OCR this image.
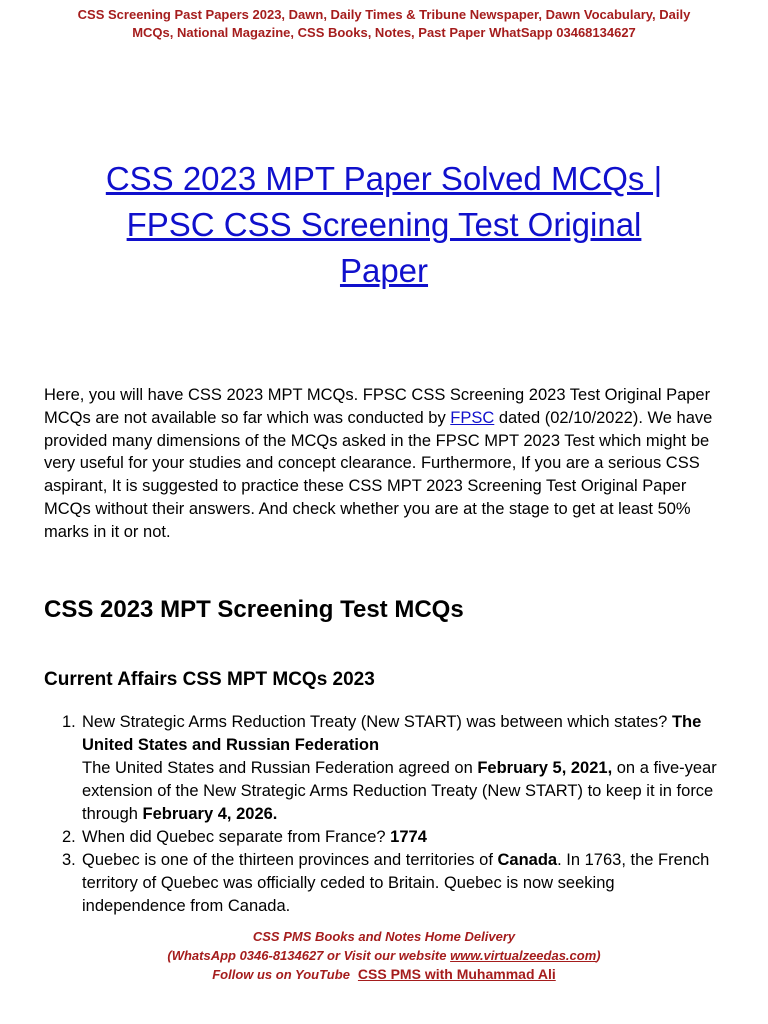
CSS Screening Past Papers 2023, Dawn, Daily Times & Tribune Newspaper, Dawn Vocabulary, Daily
MCQs, National Magazine, CSS Books, Notes, Past Paper WhatSapp 03468134627
CSS 2023 MPT Paper Solved MCQs |
FPSC CSS Screening Test Original
Paper

Here, you will have CSS 2023 MPT MCQs. FPSC CSS Screening 2023 Test Original Paper MCQs are not available so far which was conducted by FPSC dated (02/10/2022). We have provided many dimensions of the MCQs asked in the FPSC MPT 2023 Test which might be very useful for your studies and concept clearance. Furthermore, If you are a serious CSS aspirant, It is suggested to practice these CSS MPT 2023 Screening Test Original Paper MCQs without their answers. And check whether you are at the stage to get at least 50% marks in it or not.

CSS 2023 MPT Screening Test MCQs
Current Affairs CSS MPT MCQs 2023
1. New Strategic Arms Reduction Treaty (New START) was between which states? The United States and Russian Federation
The United States and Russian Federation agreed on February 5, 2021, on a five-year extension of the New Strategic Arms Reduction Treaty (New START) to keep it in force through February 4, 2026.
2. When did Quebec separate from France? 1774
3. Quebec is one of the thirteen provinces and territories of Canada. In 1763, the French territory of Quebec was officially ceded to Britain. Quebec is now seeking independence from Canada.
CSS PMS Books and Notes Home Delivery
(WhatsApp 0346-8134627 or Visit our website www.virtualzeedas.com)
Follow us on YouTube CSS PMS with Muhammad Ali
